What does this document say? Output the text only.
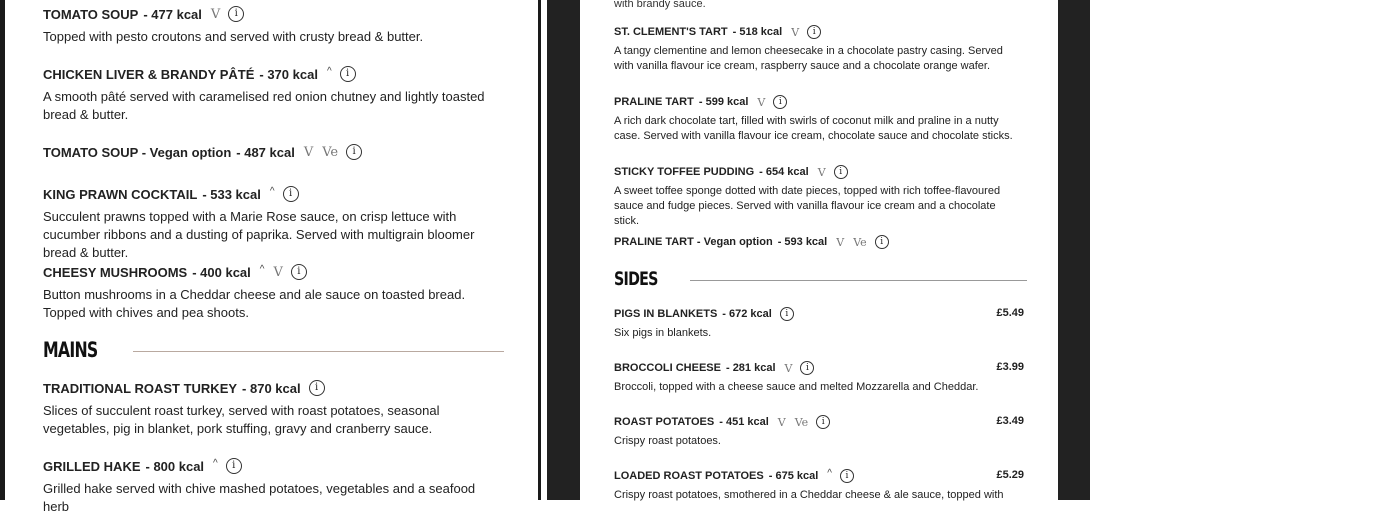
MAINS
TOMATO SOUP - 477 kcal V	i
Topped with pesto croutons and served with crusty bread & butter.
CHICKEN LIVER & BRANDY PÂTÉ - 370 kcal ^	i
A smooth pâté served with caramelised red onion chutney and lightly toasted bread & butter.
TOMATO SOUP - Vegan option - 487 kcal V Ve	i
KING PRAWN COCKTAIL - 533 kcal ^	i
Succulent prawns topped with a Marie Rose sauce, on crisp lettuce with cucumber ribbons and a dusting of paprika. Served with multigrain bloomer bread & butter.
CHEESY MUSHROOMS - 400 kcal ^ V	i
Button mushrooms in a Cheddar cheese and ale sauce on toasted bread. Topped with chives and pea shoots.
TRADITIONAL ROAST TURKEY - 870 kcal	i
Slices of succulent roast turkey, served with roast potatoes, seasonal vegetables, pig in blanket, pork stuffing, gravy and cranberry sauce.
GRILLED HAKE - 800 kcal ^	i
Grilled hake served with chive mashed potatoes, vegetables and a seafood herb
with brandy sauce.
SIDES
ST. CLEMENT'S TART - 518 kcal V	i
A tangy clementine and lemon cheesecake in a chocolate pastry casing. Served with vanilla flavour ice cream, raspberry sauce and a chocolate orange wafer.
PRALINE TART - 599 kcal V	i
A rich dark chocolate tart, filled with swirls of coconut milk and praline in a nutty case. Served with vanilla flavour ice cream, chocolate sauce and chocolate sticks.
STICKY TOFFEE PUDDING - 654 kcal V	i
A sweet toffee sponge dotted with date pieces, topped with rich toffee-flavoured sauce and fudge pieces. Served with vanilla flavour ice cream and a chocolate stick.
PRALINE TART - Vegan option - 593 kcal V Ve	i
PIGS IN BLANKETS - 672 kcal	i	£5.49
Six pigs in blankets.
BROCCOLI CHEESE - 281 kcal V	i	£3.99
Broccoli, topped with a cheese sauce and melted Mozzarella and Cheddar.
ROAST POTATOES - 451 kcal V Ve	i	£3.49
Crispy roast potatoes.
LOADED ROAST POTATOES - 675 kcal ^	i	£5.29
Crispy roast potatoes, smothered in a Cheddar cheese & ale sauce, topped with
